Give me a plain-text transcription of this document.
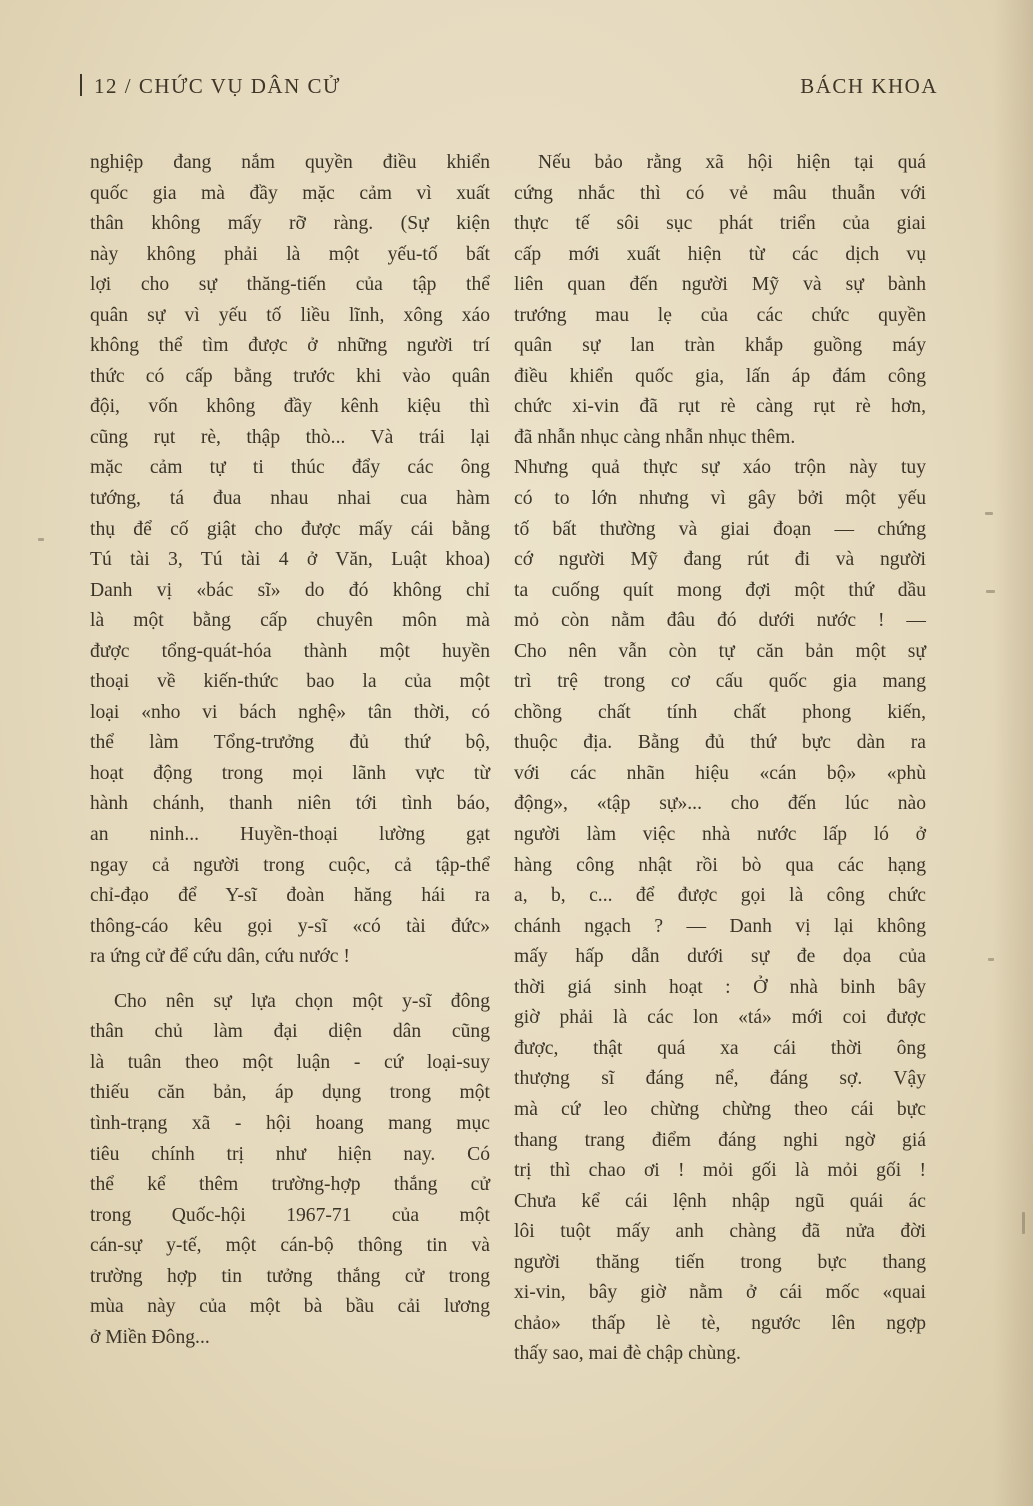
12 / CHỨC VỤ DÂN CỬ	BÁCH KHOA
nghiệp đang nắm quyền điều khiển
quốc gia mà đầy mặc cảm vì xuất
thân không mấy rỡ ràng. (Sự kiện
này không phải là một yếu-tố bất
lợi cho sự thăng-tiến của tập thể
quân sự vì yếu tố liều lĩnh, xông xáo
không thể tìm được ở những người trí
thức có cấp bằng trước khi vào quân
đội, vốn không đầy kênh kiệu thì
cũng rụt rè, thập thò... Và trái lại
mặc cảm tự ti thúc đẩy các ông
tướng, tá đua nhau nhai cua hàm
thụ để cố giật cho được mấy cái bằng
Tú tài 3, Tú tài 4 ở Văn, Luật khoa)
Danh vị «bác sĩ» do đó không chỉ
là một bằng cấp chuyên môn mà
được tổng-quát-hóa thành một huyền
thoại về kiến-thức bao la của một
loại «nho vi bách nghệ» tân thời, có
thể làm Tổng-trưởng đủ thứ bộ,
hoạt động trong mọi lãnh vực từ
hành chánh, thanh niên tới tình báo,
an ninh... Huyền-thoại lường gạt
ngay cả người trong cuộc, cả tập-thể
chỉ-đạo để Y-sĩ đoàn hăng hái ra
thông-cáo kêu gọi y-sĩ «có tài đức»
ra ứng cử để cứu dân, cứu nước !
Cho nên sự lựa chọn một y-sĩ đông
thân chủ làm đại diện dân cũng
là tuân theo một luận - cứ loại-suy
thiếu căn bản, áp dụng trong một
tình-trạng xã - hội hoang mang mục
tiêu chính trị như hiện nay. Có
thể kể thêm trường-hợp thắng cử
trong Quốc-hội 1967-71 của một
cán-sự y-tế, một cán-bộ thông tin và
trường hợp tin tưởng thắng cử trong
mùa này của một bà bầu cải lương
ở Miền Đông...
Nếu bảo rằng xã hội hiện tại quá
cứng nhắc thì có vẻ mâu thuẫn với
thực tế sôi sục phát triển của giai
cấp mới xuất hiện từ các dịch vụ
liên quan đến người Mỹ và sự bành
trướng mau lẹ của các chức quyền
quân sự lan tràn khắp guồng máy
điều khiển quốc gia, lấn áp đám công
chức xi-vin đã rụt rè càng rụt rè hơn,
đã nhẫn nhục càng nhẫn nhục thêm.
Nhưng quả thực sự xáo trộn này tuy
có to lớn nhưng vì gây bởi một yếu
tố bất thường và giai đoạn — chứng
cớ người Mỹ đang rút đi và người
ta cuống quít mong đợi một thứ dầu
mỏ còn nằm đâu đó dưới nước ! —
Cho nên vẫn còn tự căn bản một sự
trì trệ trong cơ cấu quốc gia mang
chồng chất tính chất phong kiến,
thuộc địa. Bằng đủ thứ bực dàn ra
với các nhãn hiệu «cán bộ» «phù
động», «tập sự»... cho đến lúc nào
người làm việc nhà nước lấp ló ở
hàng công nhật rồi bò qua các hạng
a, b, c... để được gọi là công chức
chánh ngạch ? — Danh vị lại không
mấy hấp dẫn dưới sự đe dọa của
thời giá sinh hoạt : Ở nhà binh bây
giờ phải là các lon «tá» mới coi được
được, thật quá xa cái thời ông
thượng sĩ đáng nể, đáng sợ. Vậy
mà cứ leo chừng chừng theo cái bực
thang trang điểm đáng nghi ngờ giá
trị thì chao ơi ! mỏi gối là mỏi gối !
Chưa kể cái lệnh nhập ngũ quái ác
lôi tuột mấy anh chàng đã nửa đời
người thăng tiến trong bực thang
xi-vin, bây giờ nằm ở cái mốc «quai
chảo» thấp lè tè, ngước lên ngợp
thấy sao, mai đè chập chùng.
